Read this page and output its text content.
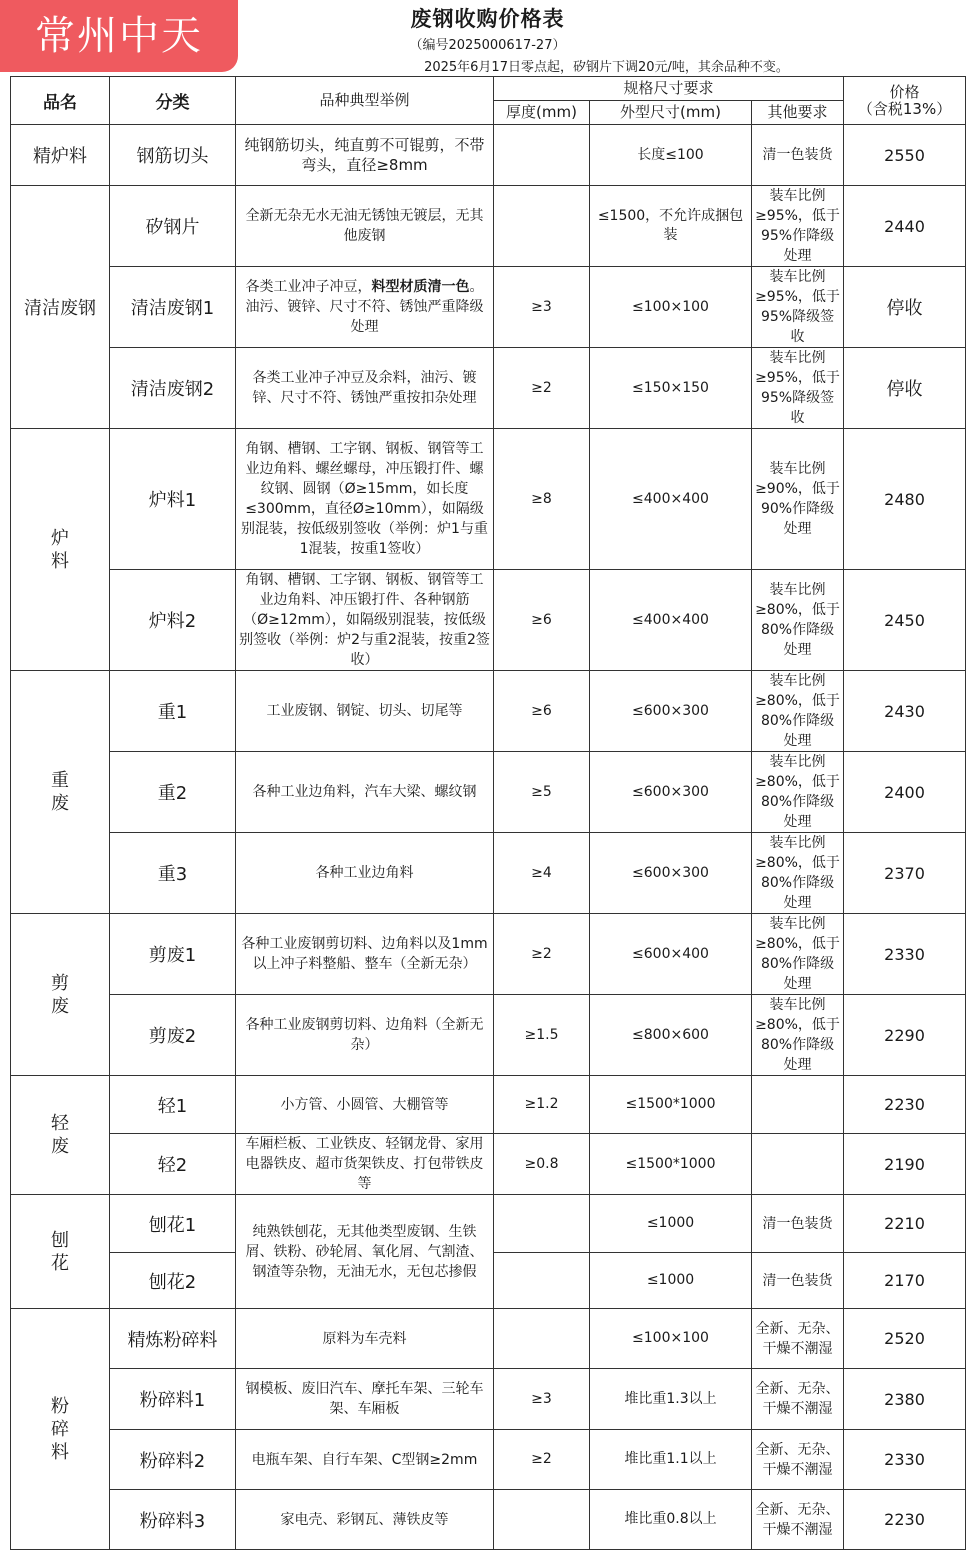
常州中天	废钢收购价格表
（编号2025000617-27）
2025年6月17日零点起，矽钢片下调20元/吨，其余品种不变。
品名	分类	品种典型举例	规格尺寸要求			价格
（含税13%）

			厚度(mm)	外型尺寸(mm)	其他要求	
精炉料	钢筋切头	纯钢筋切头，纯直剪不可锟剪，不带弯头，直径≥8mm		长度≤100	清一色装货	2550
清洁废钢	矽钢片	全新无杂无水无油无锈蚀无镀层，无其他废钢		≤1500，不允许成捆包装	装车比例≥95%，低于95%作降级处理	2440
	清洁废钢1	各类工业冲子冲豆，料型材质清一色。油污、镀锌、尺寸不符、锈蚀严重降级处理	≥3	≤100×100	装车比例≥95%，低于95%降级签收	停收
	清洁废钢2	各类工业冲子冲豆及余料，油污、镀锌、尺寸不符、锈蚀严重按扣杂处理	≥2	≤150×150	装车比例≥95%，低于95%降级签收	停收

炉料	炉料1	角钢、槽钢、工字钢、钢板、钢管等工业边角料、螺丝螺母，冲压锻打件、螺纹钢、圆钢（Ø≥15mm，如长度≤300mm，直径Ø≥10mm），如隔级别混装，按低级别签收（举例：炉1与重1混装，按重1签收）	≥8	≤400×400	装车比例≥90%，低于90%作降级处理	2480
	炉料2	角钢、槽钢、工字钢、钢板、钢管等工业边角料、冲压锻打件、各种钢筋（Ø≥12mm），如隔级别混装，按低级别签收（举例：炉2与重2混装，按重2签收）	≥6	≤400×400	装车比例≥80%，低于80%作降级处理	2450

重废	重1	工业废钢、钢锭、切头、切尾等	≥6	≤600×300	装车比例≥80%，低于80%作降级处理	2430
	重2	各种工业边角料，汽车大梁、螺纹钢	≥5	≤600×300	装车比例≥80%，低于80%作降级处理	2400
	重3	各种工业边角料	≥4	≤600×300	装车比例≥80%，低于80%作降级处理	2370

剪废	剪废1	各种工业废钢剪切料、边角料以及1mm以上冲子料整船、整车（全新无杂）	≥2	≤600×400	装车比例≥80%，低于80%作降级处理	2330
	剪废2	各种工业废钢剪切料、边角料（全新无杂）	≥1.5	≤800×600	装车比例≥80%，低于80%作降级处理	2290

轻废	轻1	小方管、小圆管、大棚管等	≥1.2	≤1500*1000		2230
	轻2	车厢栏板、工业铁皮、轻钢龙骨、家用电器铁皮、超市货架铁皮、打包带铁皮等	≥0.8	≤1500*1000		2190

刨花	刨花1	纯熟铁刨花，无其他类型废钢、生铁屑、铁粉、砂轮屑、氧化屑、气割渣、钢渣等杂物，无油无水，无包芯掺假		≤1000	清一色装货	2210
	刨花2			≤1000	清一色装货	2170

粉碎料	精炼粉碎料	原料为车壳料		≤100×100	全新、无杂、干燥不潮湿	2520
	粉碎料1	钢模板、废旧汽车、摩托车架、三轮车架、车厢板	≥3	堆比重1.3以上	全新、无杂、干燥不潮湿	2380
	粉碎料2	电瓶车架、自行车架、C型钢≥2mm	≥2	堆比重1.1以上	全新、无杂、干燥不潮湿	2330
	粉碎料3	家电壳、彩钢瓦、薄铁皮等		堆比重0.8以上	全新、无杂、干燥不潮湿	2230
